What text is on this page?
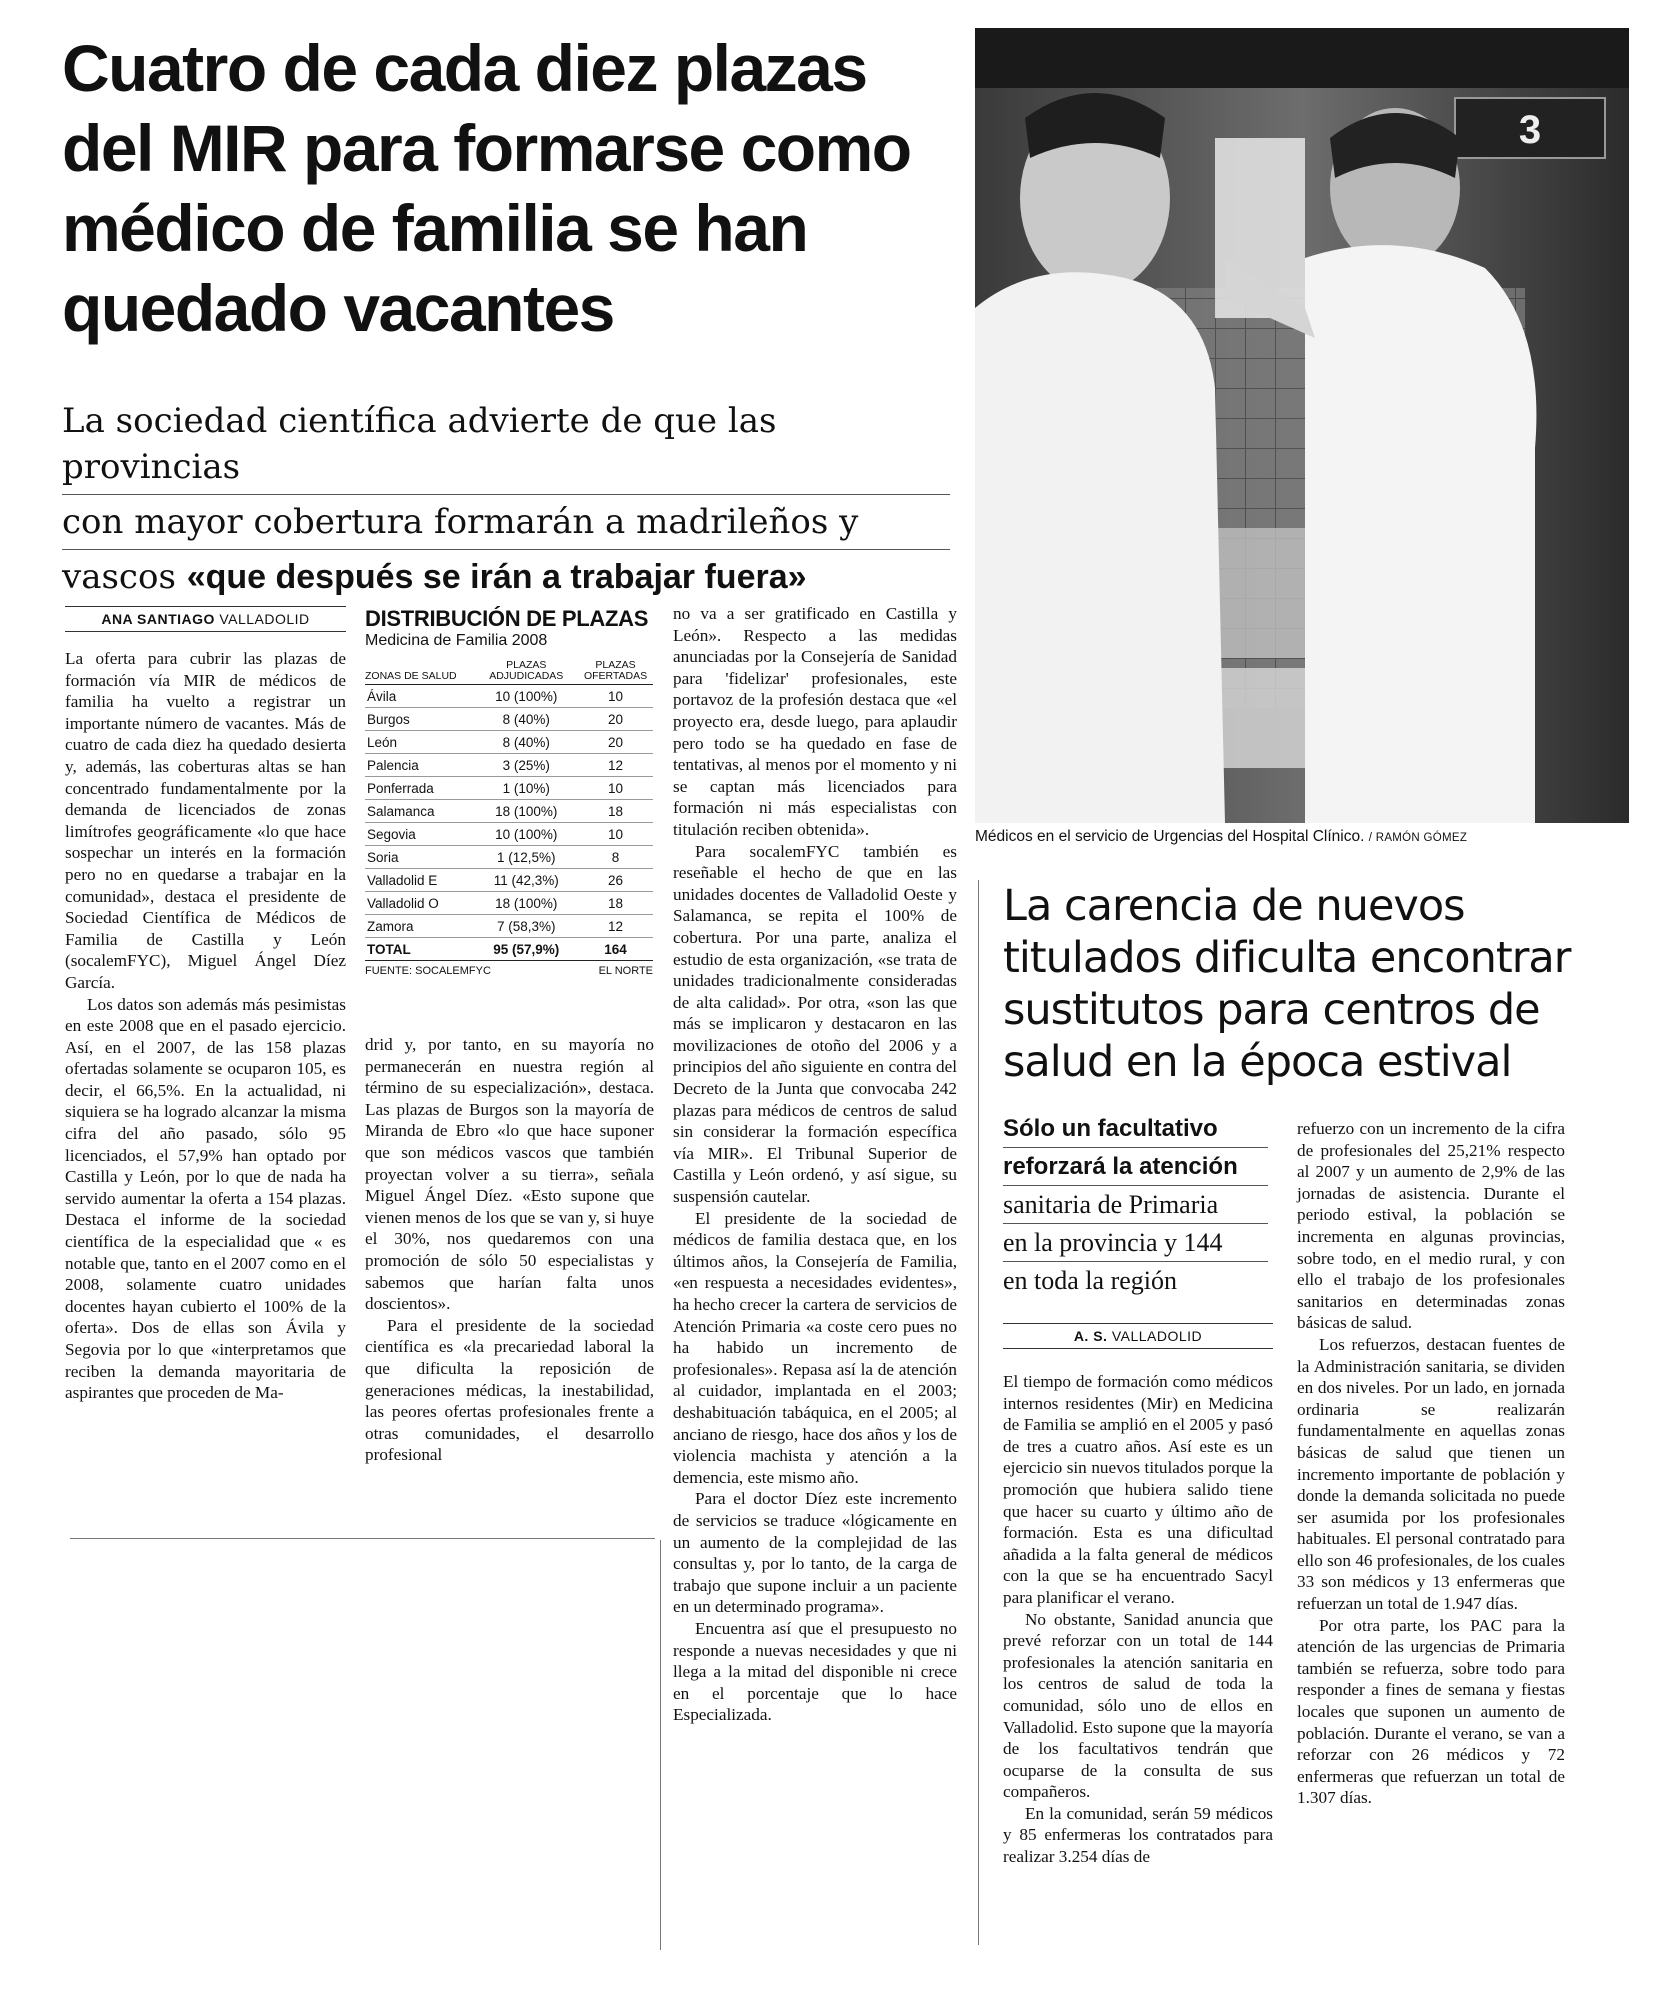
Cuatro de cada diez plazas del MIR para formarse como médico de familia se han quedado vacantes
La sociedad científica advierte de que las provincias
con mayor cobertura formarán a madrileños y
vascos «que después se irán a trabajar fuera»
ANA SANTIAGO VALLADOLID

La oferta para cubrir las plazas de formación vía MIR de médicos de familia ha vuelto a registrar un importante número de vacantes. Más de cuatro de cada diez ha quedado desierta y, además, las coberturas altas se han concentrado fundamentalmente por la demanda de licenciados de zonas limítrofes geográficamente «lo que hace sospechar un interés en la formación pero no en quedarse a trabajar en la comunidad», destaca el presidente de Sociedad Científica de Médicos de Familia de Castilla y León (socalemFYC), Miguel Ángel Díez García.

Los datos son además más pesimistas en este 2008 que en el pasado ejercicio. Así, en el 2007, de las 158 plazas ofertadas solamente se ocuparon 105, es decir, el 66,5%. En la actualidad, ni siquiera se ha logrado alcanzar la misma cifra del año pasado, sólo 95 licenciados, el 57,9% han optado por Castilla y León, por lo que de nada ha servido aumentar la oferta a 154 plazas. Destaca el informe de la sociedad científica de la especialidad que « es notable que, tanto en el 2007 como en el 2008, solamente cuatro unidades docentes hayan cubierto el 100% de la oferta». Dos de ellas son Ávila y Segovia por lo que «interpretamos que reciben la demanda mayoritaria de aspirantes que proceden de Ma-

DISTRIBUCIÓN DE PLAZAS
Medicina de Familia 2008
ZONAS DE SALUD	PLAZAS ADJUDICADAS	PLAZAS OFERTADAS
Ávila	10 (100%)	10
Burgos	8 (40%)	20
León	8 (40%)	20
Palencia	3 (25%)	12
Ponferrada	1 (10%)	10
Salamanca	18 (100%)	18
Segovia	10 (100%)	10
Soria	1 (12,5%)	8
Valladolid E	11 (42,3%)	26
Valladolid O	18 (100%)	18
Zamora	7 (58,3%)	12
TOTAL	95 (57,9%)	164
FUENTE: SOCALEMFYC	EL NORTE

drid y, por tanto, en su mayoría no permanecerán en nuestra región al término de su especialización», destaca. Las plazas de Burgos son la mayoría de Miranda de Ebro «lo que hace suponer que son médicos vascos que también proyectan volver a su tierra», señala Miguel Ángel Díez. «Esto supone que vienen menos de los que se van y, si huye el 30%, nos quedaremos con una promoción de sólo 50 especialistas y sabemos que harían falta unos doscientos».

Para el presidente de la sociedad científica es «la precariedad laboral la que dificulta la reposición de generaciones médicas, la inestabilidad, las peores ofertas profesionales frente a otras comunidades, el desarrollo profesional

no va a ser gratificado en Castilla y León». Respecto a las medidas anunciadas por la Consejería de Sanidad para 'fidelizar' profesionales, este portavoz de la profesión destaca que «el proyecto era, desde luego, para aplaudir pero todo se ha quedado en fase de tentativas, al menos por el momento y ni se captan más licenciados para formación ni más especialistas con titulación reciben obtenida».

Para socalemFYC también es reseñable el hecho de que en las unidades docentes de Valladolid Oeste y Salamanca, se repita el 100% de cobertura. Por una parte, analiza el estudio de esta organización, «se trata de unidades tradicionalmente consideradas de alta calidad». Por otra, «son las que más se implicaron y destacaron en las movilizaciones de otoño del 2006 y a principios del año siguiente en contra del Decreto de la Junta que convocaba 242 plazas para médicos de centros de salud sin considerar la formación específica vía MIR». El Tribunal Superior de Castilla y León ordenó, y así sigue, su suspensión cautelar.

El presidente de la sociedad de médicos de familia destaca que, en los últimos años, la Consejería de Familia, «en respuesta a necesidades evidentes», ha hecho crecer la cartera de servicios de Atención Primaria «a coste cero pues no ha habido un incremento de profesionales». Repasa así la de atención al cuidador, implantada en el 2003; deshabituación tabáquica, en el 2005; al anciano de riesgo, hace dos años y los de violencia machista y atención a la demencia, este mismo año.

Para el doctor Díez este incremento de servicios se traduce «lógicamente en un aumento de la complejidad de las consultas y, por lo tanto, de la carga de trabajo que supone incluir a un paciente en un determinado programa».

Encuentra así que el presupuesto no responde a nuevas necesidades y que ni llega a la mitad del disponible ni crece en el porcentaje que lo hace Especializada.

3
Médicos en el servicio de Urgencias del Hospital Clínico. / RAMÓN GÓMEZ
La carencia de nuevos titulados dificulta encontrar sustitutos para centros de salud en la época estival
Sólo un facultativo
reforzará la atención
sanitaria de Primaria
en la provincia y 144
en toda la región
A. S. VALLADOLID

El tiempo de formación como médicos internos residentes (Mir) en Medicina de Familia se amplió en el 2005 y pasó de tres a cuatro años. Así este es un ejercicio sin nuevos titulados porque la promoción que hubiera salido tiene que hacer su cuarto y último año de formación. Esta es una dificultad añadida a la falta general de médicos con la que se ha encuentrado Sacyl para planificar el verano.

No obstante, Sanidad anuncia que prevé reforzar con un total de 144 profesionales la atención sanitaria en los centros de salud de toda la comunidad, sólo uno de ellos en Valladolid. Esto supone que la mayoría de los facultativos tendrán que ocuparse de la consulta de sus compañeros.

En la comunidad, serán 59 médicos y 85 enfermeras los contratados para realizar 3.254 días de

refuerzo con un incremento de la cifra de profesionales del 25,21% respecto al 2007 y un aumento de 2,9% de las jornadas de asistencia. Durante el periodo estival, la población se incrementa en algunas provincias, sobre todo, en el medio rural, y con ello el trabajo de los profesionales sanitarios en determinadas zonas básicas de salud.

Los refuerzos, destacan fuentes de la Administración sanitaria, se dividen en dos niveles. Por un lado, en jornada ordinaria se realizarán fundamentalmente en aquellas zonas básicas de salud que tienen un incremento importante de población y donde la demanda solicitada no puede ser asumida por los profesionales habituales. El personal contratado para ello son 46 profesionales, de los cuales 33 son médicos y 13 enfermeras que refuerzan un total de 1.947 días.

Por otra parte, los PAC para la atención de las urgencias de Primaria también se refuerza, sobre todo para responder a fines de semana y fiestas locales que suponen un aumento de población. Durante el verano, se van a reforzar con 26 médicos y 72 enfermeras que refuerzan un total de 1.307 días.
